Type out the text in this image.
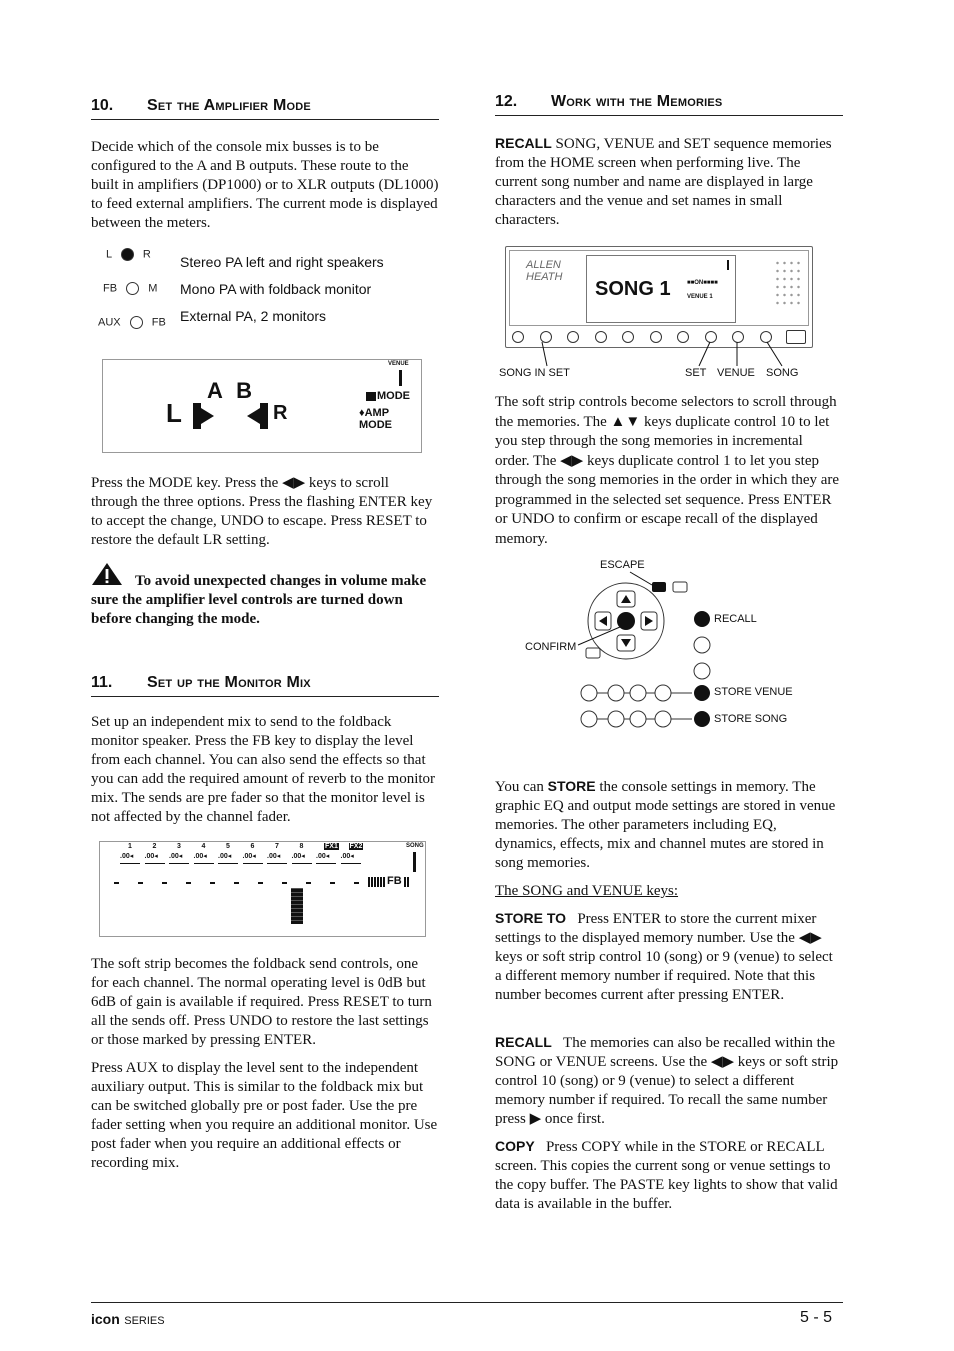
10. Set the Amplifier Mode

Decide which of the console mix busses is to be configured to the A and B outputs. These route to the built in amplifiers (DP1000) or to XLR outputs (DL1000) to feed external amplifiers. The current mode is displayed between the meters.

L	R Stereo PA left and right speakers
FB	M Mono PA with foldback monitor
AUX	FB External PA, 2 monitors
VENUE
A B
L	R
MODE
♦AMP MODE

Press the MODE key. Press the ◀▶ keys to scroll through the three options. Press the flashing ENTER key to accept the change, UNDO to escape. Press RESET to restore the default LR setting.

To avoid unexpected changes in volume make sure the amplifier level controls are turned down before changing the mode.

11. Set up the Monitor Mix

Set up an independent mix to send to the foldback monitor speaker. Press the FB key to display the level from each channel. You can also send the effects so that you can add the required amount of reverb to the monitor mix. The sends are pre fader so that the monitor level is not affected by the channel fader.

SONG
FB
1
.00◂
2
.00◂
3
.00◂
4
.00◂
5
.00◂
6
.00◂
7
.00◂
8
.00◂
FX1
.00◂
FX2
.00◂

The soft strip becomes the foldback send controls, one for each channel. The normal operating level is 0dB but 6dB of gain is available if required. Press RESET to turn all the sends off. Press UNDO to restore the last settings or those marked by pressing ENTER.

Press AUX to display the level sent to the independent auxiliary output. This is similar to the foldback mix but can be switched globally pre or post fader. Use the pre fader setting when you require an additional monitor. Use post fader when you require an additional effects or recording mix.

12. Work with the Memories

RECALL SONG, VENUE and SET sequence memories from the HOME screen when performing live. The current song number and name are displayed in large characters and the venue and set names in small characters.

ALLEN
HEATH
SONG 1	■■ON■■■■
VENUE 1
SONG IN SET	SET VENUE SONG

The soft strip controls become selectors to scroll through the memories. The ▲▼ keys duplicate control 10 to let you step through the song memories in incremental order. The ◀▶ keys duplicate control 1 to let you step through the song memories in the order in which they are programmed in the selected set sequence. Press ENTER or UNDO to confirm or escape recall of the displayed memory.

ESCAPE
CONFIRM
RECALL
STORE VENUE
STORE SONG

You can STORE the console settings in memory. The graphic EQ and output mode settings are stored in venue memories. The other parameters including EQ, dynamics, effects, mix and channel mutes are stored in song memories.

The SONG and VENUE keys:

STORE TO Press ENTER to store the current mixer settings to the displayed memory number. Use the ◀▶ keys or soft strip control 10 (song) or 9 (venue) to select a different memory number if required. Note that this number becomes current after pressing ENTER.

RECALL The memories can also be recalled within the SONG or VENUE screens. Use the ◀▶ keys or soft strip control 10 (song) or 9 (venue) to select a different memory number if required. To recall the same number press ▶ once first.

COPY Press COPY while in the STORE or RECALL screen. This copies the current song or venue settings to the copy buffer. The PASTE key lights to show that valid data is available in the buffer.

icon SERIES	5 - 5
